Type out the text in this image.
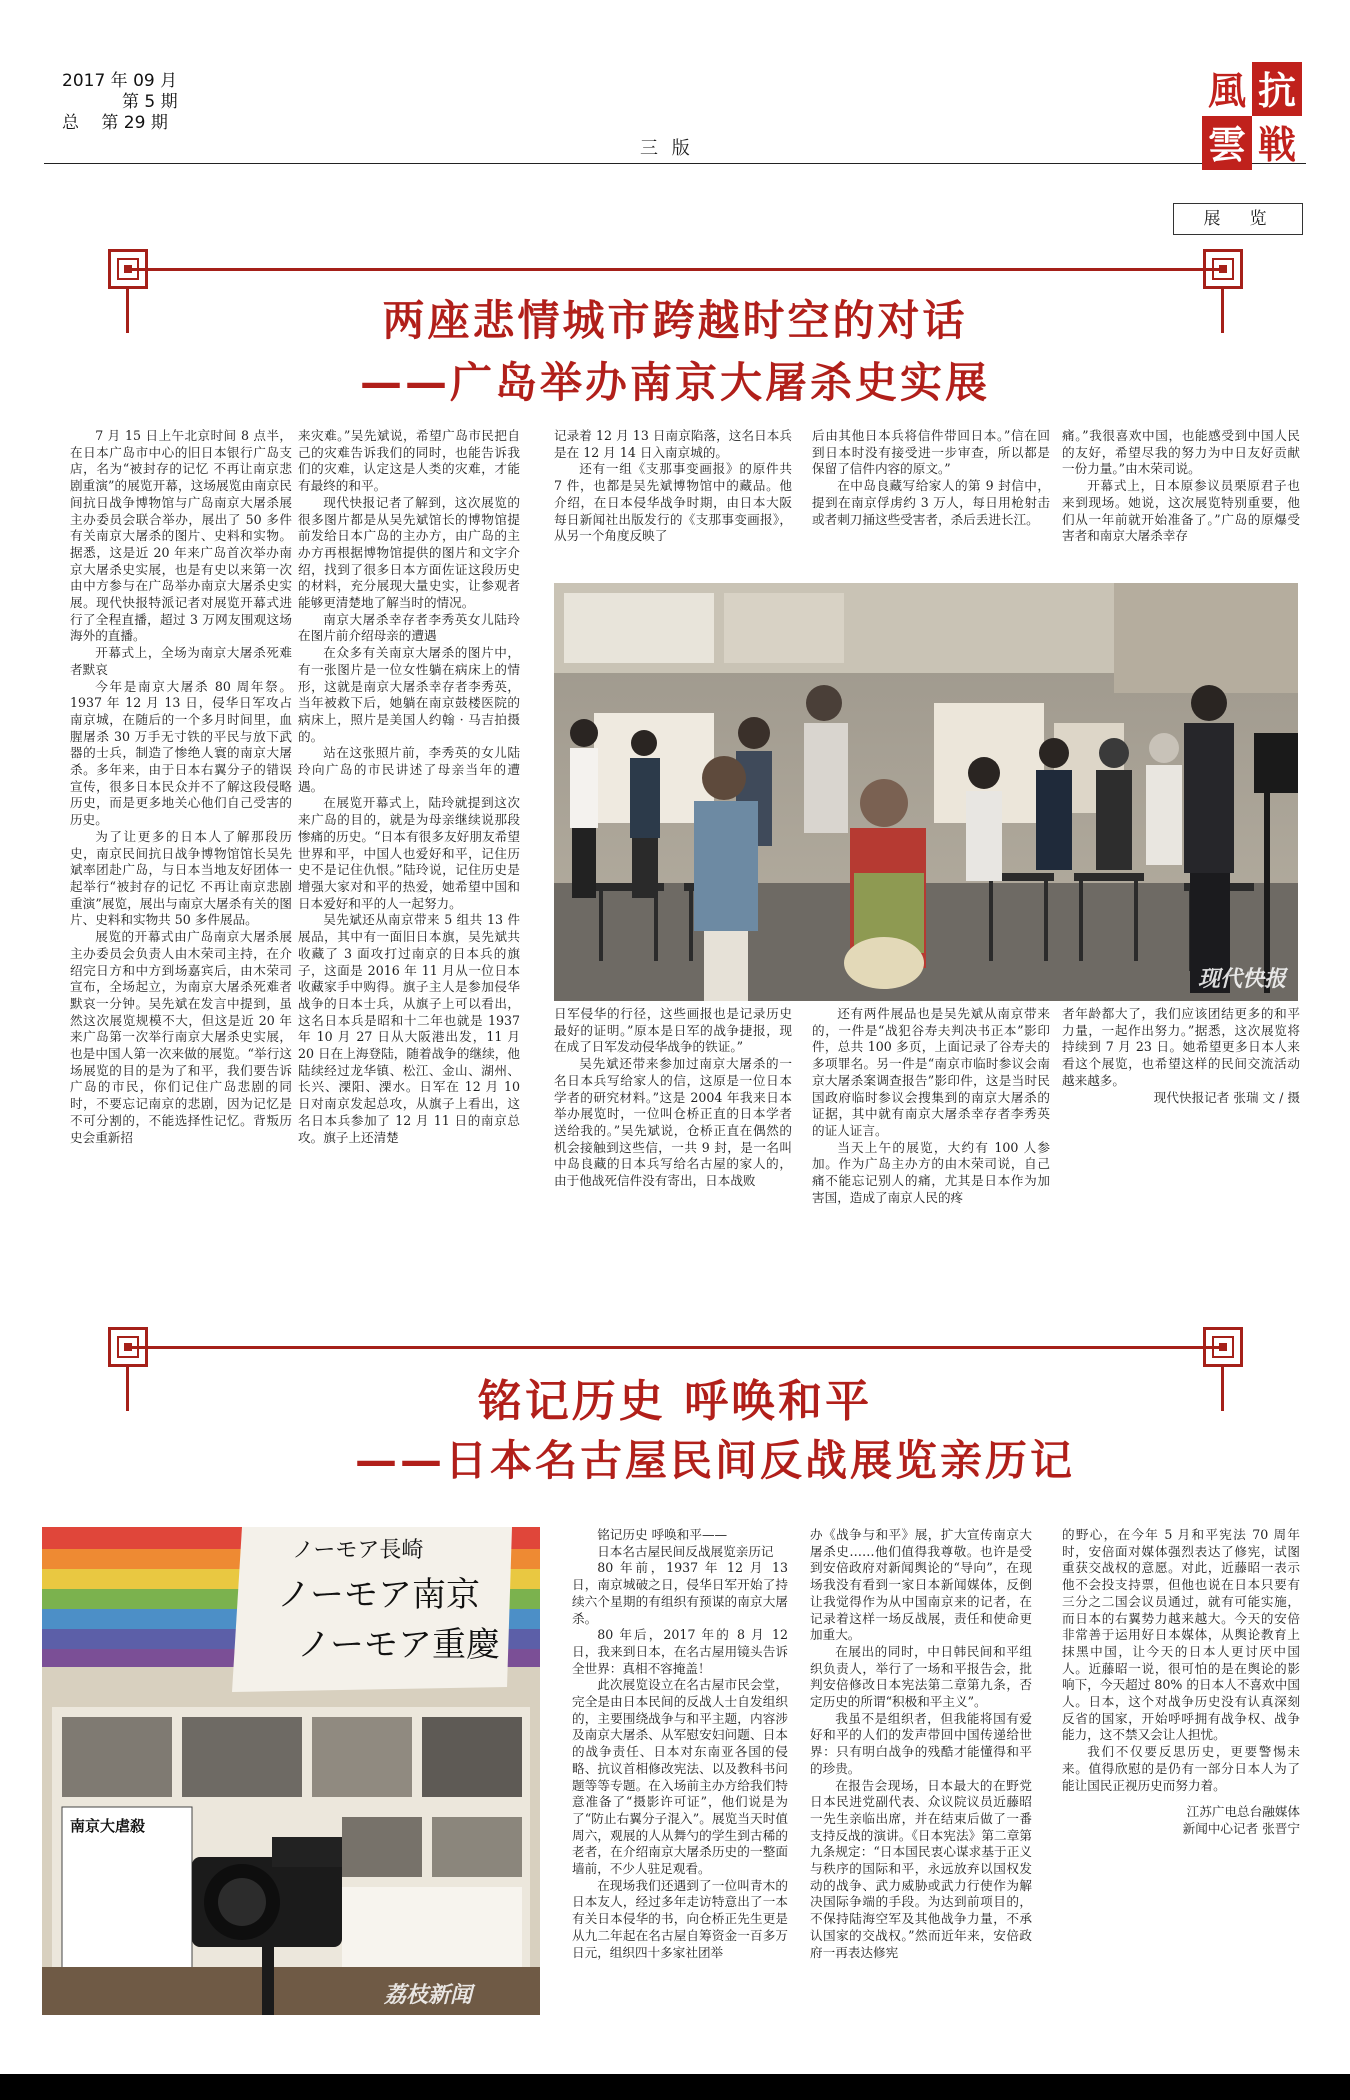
2017 年 09 月
第 5 期
总　 第 29 期
三 版
抗
戦
風
雲
展　览
两座悲情城市跨越时空的对话
——广岛举办南京大屠杀史实展

7 月 15 日上午北京时间 8 点半，在日本广岛市中心的旧日本银行广岛支店，名为“被封存的记忆 不再让南京悲剧重演”的展览开幕，这场展览由南京民间抗日战争博物馆与广岛南京大屠杀展主办委员会联合举办，展出了 50 多件有关南京大屠杀的图片、史料和实物。据悉，这是近 20 年来广岛首次举办南京大屠杀史实展，也是有史以来第一次由中方参与在广岛举办南京大屠杀史实展。现代快报特派记者对展览开幕式进行了全程直播，超过 3 万网友围观这场海外的直播。

开幕式上，全场为南京大屠杀死难者默哀

今年是南京大屠杀 80 周年祭。1937 年 12 月 13 日，侵华日军攻占南京城，在随后的一个多月时间里，血腥屠杀 30 万手无寸铁的平民与放下武器的士兵，制造了惨绝人寰的南京大屠杀。多年来，由于日本右翼分子的错误宣传，很多日本民众并不了解这段侵略历史，而是更多地关心他们自己受害的历史。

为了让更多的日本人了解那段历史，南京民间抗日战争博物馆馆长吴先斌率团赴广岛，与日本当地友好团体一起举行“被封存的记忆 不再让南京悲剧重演”展览，展出与南京大屠杀有关的图片、史料和实物共 50 多件展品。

展览的开幕式由广岛南京大屠杀展主办委员会负责人由木荣司主持，在介绍完日方和中方到场嘉宾后，由木荣司宣布，全场起立，为南京大屠杀死难者默哀一分钟。吴先斌在发言中提到，虽然这次展览规模不大，但这是近 20 年来广岛第一次举行南京大屠杀史实展，也是中国人第一次来做的展览。“举行这场展览的目的是为了和平，我们要告诉广岛的市民，你们记住广岛悲剧的同时，不要忘记南京的悲剧，因为记忆是不可分割的，不能选择性记忆。背叛历史会重新招

来灾难。”吴先斌说，希望广岛市民把自己的灾难告诉我们的同时，也能告诉我们的灾难，认定这是人类的灾难，才能有最终的和平。

现代快报记者了解到，这次展览的很多图片都是从吴先斌馆长的博物馆提前发给日本广岛的主办方，由广岛的主办方再根据博物馆提供的图片和文字介绍，找到了很多日本方面佐证这段历史的材料，充分展现大量史实，让参观者能够更清楚地了解当时的情况。

南京大屠杀幸存者李秀英女儿陆玲在图片前介绍母亲的遭遇

在众多有关南京大屠杀的图片中，有一张图片是一位女性躺在病床上的情形，这就是南京大屠杀幸存者李秀英，当年被救下后，她躺在南京鼓楼医院的病床上，照片是美国人约翰 · 马吉拍摄的。

站在这张照片前，李秀英的女儿陆玲向广岛的市民讲述了母亲当年的遭遇。

在展览开幕式上，陆玲就提到这次来广岛的目的，就是为母亲继续说那段惨痛的历史。“日本有很多友好朋友希望世界和平，中国人也爱好和平，记住历史不是记住仇恨。”陆玲说，记住历史是增强大家对和平的热爱，她希望中国和日本爱好和平的人一起努力。

吴先斌还从南京带来 5 组共 13 件展品，其中有一面旧日本旗，吴先斌共收藏了 3 面攻打过南京的日本兵的旗子，这面是 2016 年 11 月从一位日本收藏家手中购得。旗子主人是参加侵华战争的日本士兵，从旗子上可以看出，这名日本兵是昭和十二年也就是 1937 年 10 月 27 日从大阪港出发，11 月 20 日在上海登陆，随着战争的继续，他陆续经过龙华镇、松江、金山、湖州、长兴、溧阳、溧水。日军在 12 月 10 日对南京发起总攻，从旗子上看出，这名日本兵参加了 12 月 11 日的南京总攻。旗子上还清楚

记录着 12 月 13 日南京陷落，这名日本兵是在 12 月 14 日入南京城的。

还有一组《支那事变画报》的原件共 7 件，也都是吴先斌博物馆中的藏品。他介绍，在日本侵华战争时期，由日本大阪每日新闻社出版发行的《支那事变画报》，从另一个角度反映了

后由其他日本兵将信件带回日本。”信在回到日本时没有接受进一步审查，所以都是保留了信件内容的原文。”

在中岛良藏写给家人的第 9 封信中，提到在南京俘虏约 3 万人，每日用枪射击或者刺刀捅这些受害者，杀后丢进长江。

痛。”我很喜欢中国，也能感受到中国人民的友好，希望尽我的努力为中日友好贡献一份力量。”由木荣司说。

开幕式上，日本原参议员栗原君子也来到现场。她说，这次展览特别重要，他们从一年前就开始准备了。”广岛的原爆受害者和南京大屠杀幸存

现代快报

日军侵华的行径，这些画报也是记录历史最好的证明。”原本是日军的战争捷报，现在成了日军发动侵华战争的铁证。”

吴先斌还带来参加过南京大屠杀的一名日本兵写给家人的信，这原是一位日本学者的研究材料。”这是 2004 年我来日本举办展览时，一位叫仓桥正直的日本学者送给我的。”吴先斌说，仓桥正直在偶然的机会接触到这些信，一共 9 封，是一名叫中岛良藏的日本兵写给名古屋的家人的，由于他战死信件没有寄出，日本战败

还有两件展品也是吴先斌从南京带来的，一件是“战犯谷寿夫判决书正本”影印件，总共 100 多页，上面记录了谷寿夫的多项罪名。另一件是“南京市临时参议会南京大屠杀案调查报告”影印件，这是当时民国政府临时参议会搜集到的南京大屠杀的证据，其中就有南京大屠杀幸存者李秀英的证人证言。

当天上午的展览，大约有 100 人参加。作为广岛主办方的由木荣司说，自己痛不能忘记别人的痛，尤其是日本作为加害国，造成了南京人民的疼

者年龄都大了，我们应该团结更多的和平力量，一起作出努力。”据悉，这次展览将持续到 7 月 23 日。她希望更多日本人来看这个展览，也希望这样的民间交流活动越来越多。

现代快报记者 张瑞 文 / 摄

铭记历史 呼唤和平
——日本名古屋民间反战展览亲历记
ノーモア長崎
ノーモア南京
ノーモア重慶
南京大虐殺
荔枝新闻

铭记历史 呼唤和平——

日本名古屋民间反战展览亲历记

80 年前，1937 年 12 月 13 日，南京城破之日，侵华日军开始了持续六个星期的有组织有预谋的南京大屠杀。

80 年后，2017 年的 8 月 12 日，我来到日本，在名古屋用镜头告诉全世界：真相不容掩盖！

此次展览设立在名古屋市民会堂，完全是由日本民间的反战人士自发组织的，主要围绕战争与和平主题，内容涉及南京大屠杀、从军慰安妇问题、日本的战争责任、日本对东南亚各国的侵略、抗议首相修改宪法、以及教科书问题等等专题。在入场前主办方给我们特意准备了“摄影许可证”，他们说是为了“防止右翼分子混入”。展览当天时值周六，观展的人从舞勺的学生到古稀的老者，在介绍南京大屠杀历史的一整面墙前，不少人驻足观看。

在现场我们还遇到了一位叫青木的日本友人，经过多年走访特意出了一本有关日本侵华的书，向仓桥正先生更是从九二年起在名古屋自筹资金一百多万日元，组织四十多家社团举

办《战争与和平》展，扩大宣传南京大屠杀史……他们值得我尊敬。也许是受到安倍政府对新闻舆论的“导向”，在现场我没有看到一家日本新闻媒体，反倒让我觉得作为从中国南京来的记者，在记录着这样一场反战展，责任和使命更加重大。

在展出的同时，中日韩民间和平组织负责人，举行了一场和平报告会，批判安倍修改日本宪法第二章第九条，否定历史的所谓“积极和平主义”。

我虽不是组织者，但我能将国有爱好和平的人们的发声带回中国传递给世界：只有明白战争的残酷才能懂得和平的珍贵。

在报告会现场，日本最大的在野党日本民进党副代表、众议院议员近藤昭一先生亲临出席，并在结束后做了一番支持反战的演讲。《日本宪法》第二章第九条规定：“日本国民衷心谋求基于正义与秩序的国际和平，永远放弃以国权发动的战争、武力威胁或武力行使作为解决国际争端的手段。为达到前项目的，不保持陆海空军及其他战争力量，不承认国家的交战权。”然而近年来，安倍政府一再表达修宪

的野心，在今年 5 月和平宪法 70 周年时，安倍面对媒体强烈表达了修宪，试图重获交战权的意愿。对此，近藤昭一表示他不会投支持票，但他也说在日本只要有三分之二国会议员通过，就有可能实施，而日本的右翼势力越来越大。今天的安倍非常善于运用好日本媒体，从舆论教育上抹黑中国，让今天的日本人更讨厌中国人。近藤昭一说，很可怕的是在舆论的影响下，今天超过 80% 的日本人不喜欢中国人。日本，这个对战争历史没有认真深刻反省的国家，开始呼呼拥有战争权、战争能力，这不禁又会让人担忧。

我们不仅要反思历史，更要警惕未来。值得欣慰的是仍有一部分日本人为了能让国民正视历史而努力着。

江苏广电总台融媒体

新闻中心记者 张晋宁
